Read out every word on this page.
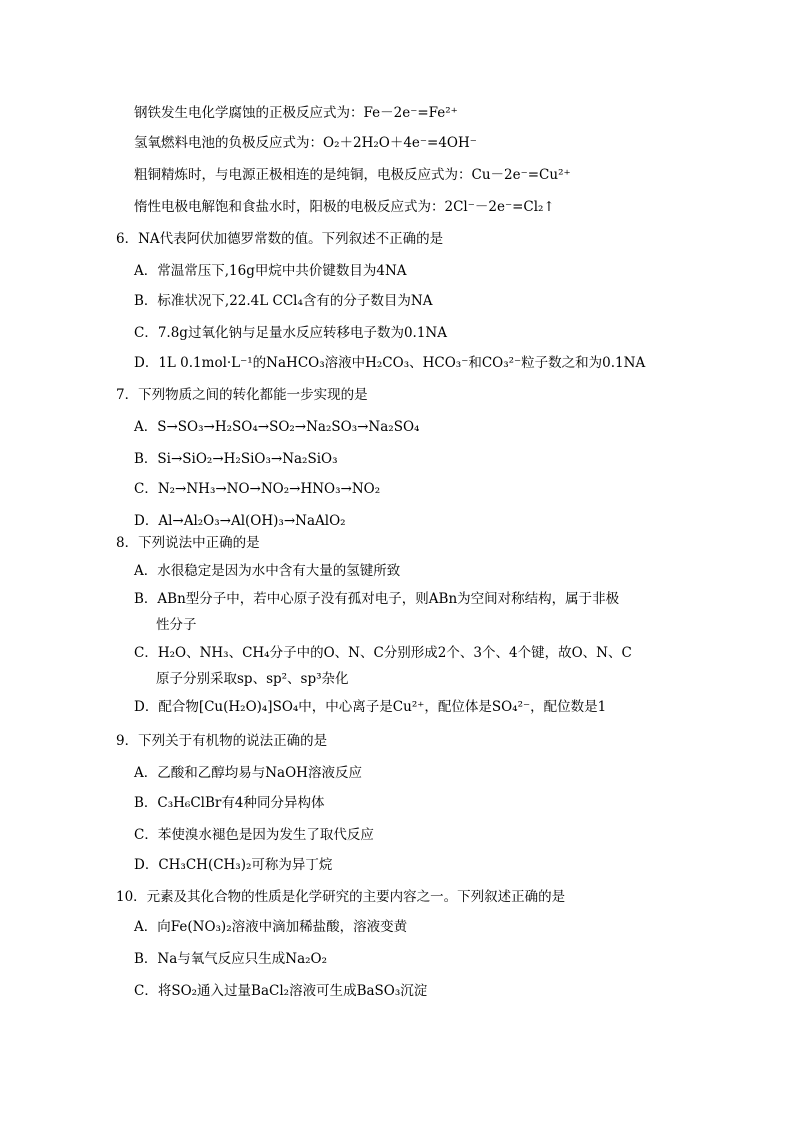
钢铁发生电化学腐蚀的正极反应式为：Fe－2e⁻=Fe²⁺
氢氧燃料电池的负极反应式为：O₂＋2H₂O＋4e⁻=4OH⁻
粗铜精炼时，与电源正极相连的是纯铜，电极反应式为：Cu－2e⁻=Cu²⁺
惰性电极电解饱和食盐水时，阳极的电极反应式为：2Cl⁻－2e⁻=Cl₂↑
6．NA代表阿伏加德罗常数的值。下列叙述不正确的是
A．常温常压下,16g甲烷中共价键数目为4NA
B．标准状况下,22.4L CCl₄含有的分子数目为NA
C．7.8g过氧化钠与足量水反应转移电子数为0.1NA
D．1L 0.1mol·L⁻¹的NaHCO₃溶液中H₂CO₃、HCO₃⁻和CO₃²⁻粒子数之和为0.1NA
7．下列物质之间的转化都能一步实现的是
A．S→SO₃→H₂SO₄→SO₂→Na₂SO₃→Na₂SO₄
B．Si→SiO₂→H₂SiO₃→Na₂SiO₃
C．N₂→NH₃→NO→NO₂→HNO₃→NO₂
D．Al→Al₂O₃→Al(OH)₃→NaAlO₂
8．下列说法中正确的是
A．水很稳定是因为水中含有大量的氢键所致
B．ABn型分子中，若中心原子没有孤对电子，则ABn为空间对称结构，属于非极
性分子
C．H₂O、NH₃、CH₄分子中的O、N、C分别形成2个、3个、4个键，故O、N、C
原子分别采取sp、sp²、sp³杂化
D．配合物[Cu(H₂O)₄]SO₄中，中心离子是Cu²⁺，配位体是SO₄²⁻，配位数是1
9．下列关于有机物的说法正确的是
A．乙酸和乙醇均易与NaOH溶液反应
B．C₃H₆ClBr有4种同分异构体
C．苯使溴水褪色是因为发生了取代反应
D．CH₃CH(CH₃)₂可称为异丁烷
10．元素及其化合物的性质是化学研究的主要内容之一。下列叙述正确的是
A．向Fe(NO₃)₂溶液中滴加稀盐酸，溶液变黄
B．Na与氧气反应只生成Na₂O₂
C．将SO₂通入过量BaCl₂溶液可生成BaSO₃沉淀
